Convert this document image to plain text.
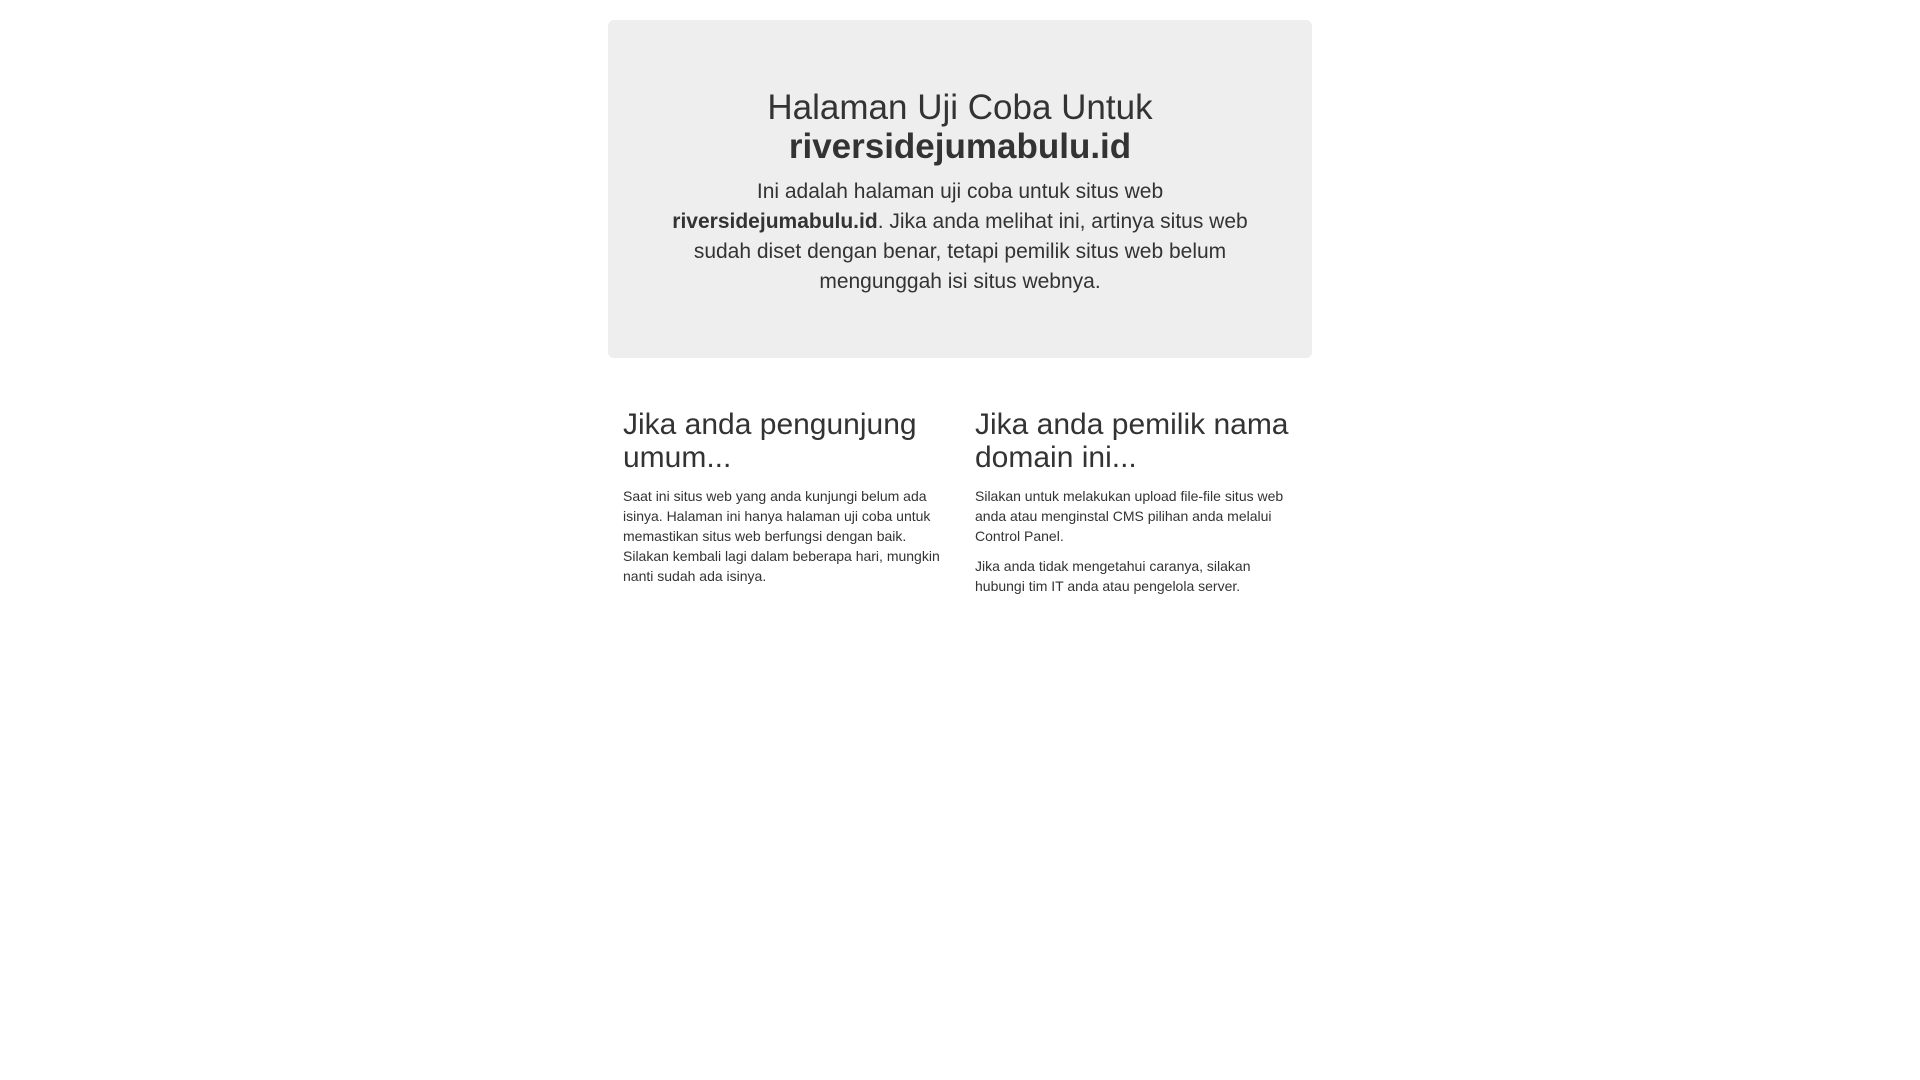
Halaman Uji Coba Untuk
riversidejumabulu.id

Ini adalah halaman uji coba untuk situs web riversidejumabulu.id. Jika anda melihat ini, artinya situs web sudah diset dengan benar, tetapi pemilik situs web belum mengunggah isi situs webnya.

Jika anda pengunjung umum...

Saat ini situs web yang anda kunjungi belum ada isinya. Halaman ini hanya halaman uji coba untuk memastikan situs web berfungsi dengan baik. Silakan kembali lagi dalam beberapa hari, mungkin nanti sudah ada isinya.

Jika anda pemilik nama domain ini...

Silakan untuk melakukan upload file-file situs web anda atau menginstal CMS pilihan anda melalui Control Panel.

Jika anda tidak mengetahui caranya, silakan hubungi tim IT anda atau pengelola server.
